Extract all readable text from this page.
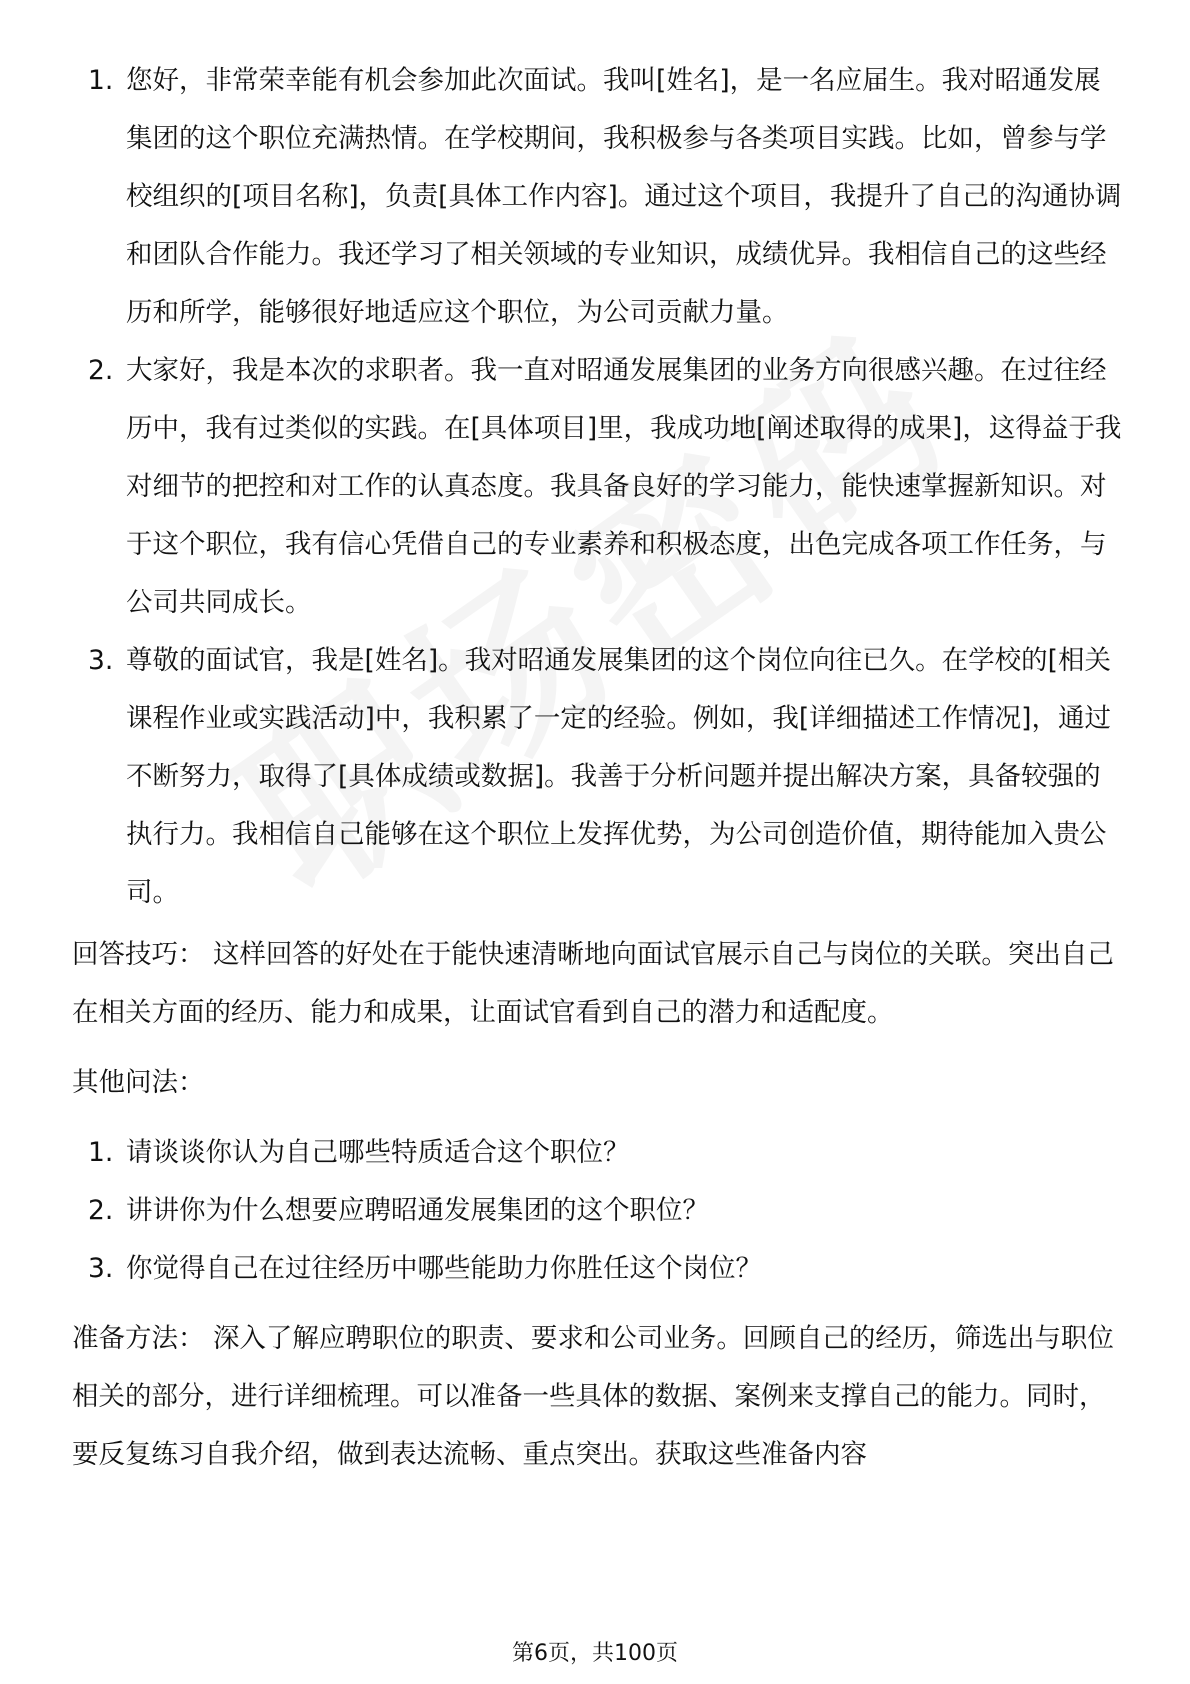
1. 您好，非常荣幸能有机会参加此次面试。我叫[姓名]，是一名应届生。我对昭通发展集团的这个职位充满热情。在学校期间，我积极参与各类项目实践。比如，曾参与学校组织的[项目名称]，负责[具体工作内容]。通过这个项目，我提升了自己的沟通协调和团队合作能力。我还学习了相关领域的专业知识，成绩优异。我相信自己的这些经历和所学，能够很好地适应这个职位，为公司贡献力量。
2. 大家好，我是本次的求职者。我一直对昭通发展集团的业务方向很感兴趣。在过往经历中，我有过类似的实践。在[具体项目]里，我成功地[阐述取得的成果]，这得益于我对细节的把控和对工作的认真态度。我具备良好的学习能力，能快速掌握新知识。对于这个职位，我有信心凭借自己的专业素养和积极态度，出色完成各项工作任务，与公司共同成长。
3. 尊敬的面试官，我是[姓名]。我对昭通发展集团的这个岗位向往已久。在学校的[相关课程作业或实践活动]中，我积累了一定的经验。例如，我[详细描述工作情况]，通过不断努力，取得了[具体成绩或数据]。我善于分析问题并提出解决方案，具备较强的执行力。我相信自己能够在这个职位上发挥优势，为公司创造价值，期待能加入贵公司。
回答技巧： 这样回答的好处在于能快速清晰地向面试官展示自己与岗位的关联。突出自己在相关方面的经历、能力和成果，让面试官看到自己的潜力和适配度。
其他问法：
1. 请谈谈你认为自己哪些特质适合这个职位？
2. 讲讲你为什么想要应聘昭通发展集团的这个职位？
3. 你觉得自己在过往经历中哪些能助力你胜任这个岗位？
准备方法： 深入了解应聘职位的职责、要求和公司业务。回顾自己的经历，筛选出与职位相关的部分，进行详细梳理。可以准备一些具体的数据、案例来支撑自己的能力。同时，要反复练习自我介绍，做到表达流畅、重点突出。获取这些准备内容
第6页，共100页
